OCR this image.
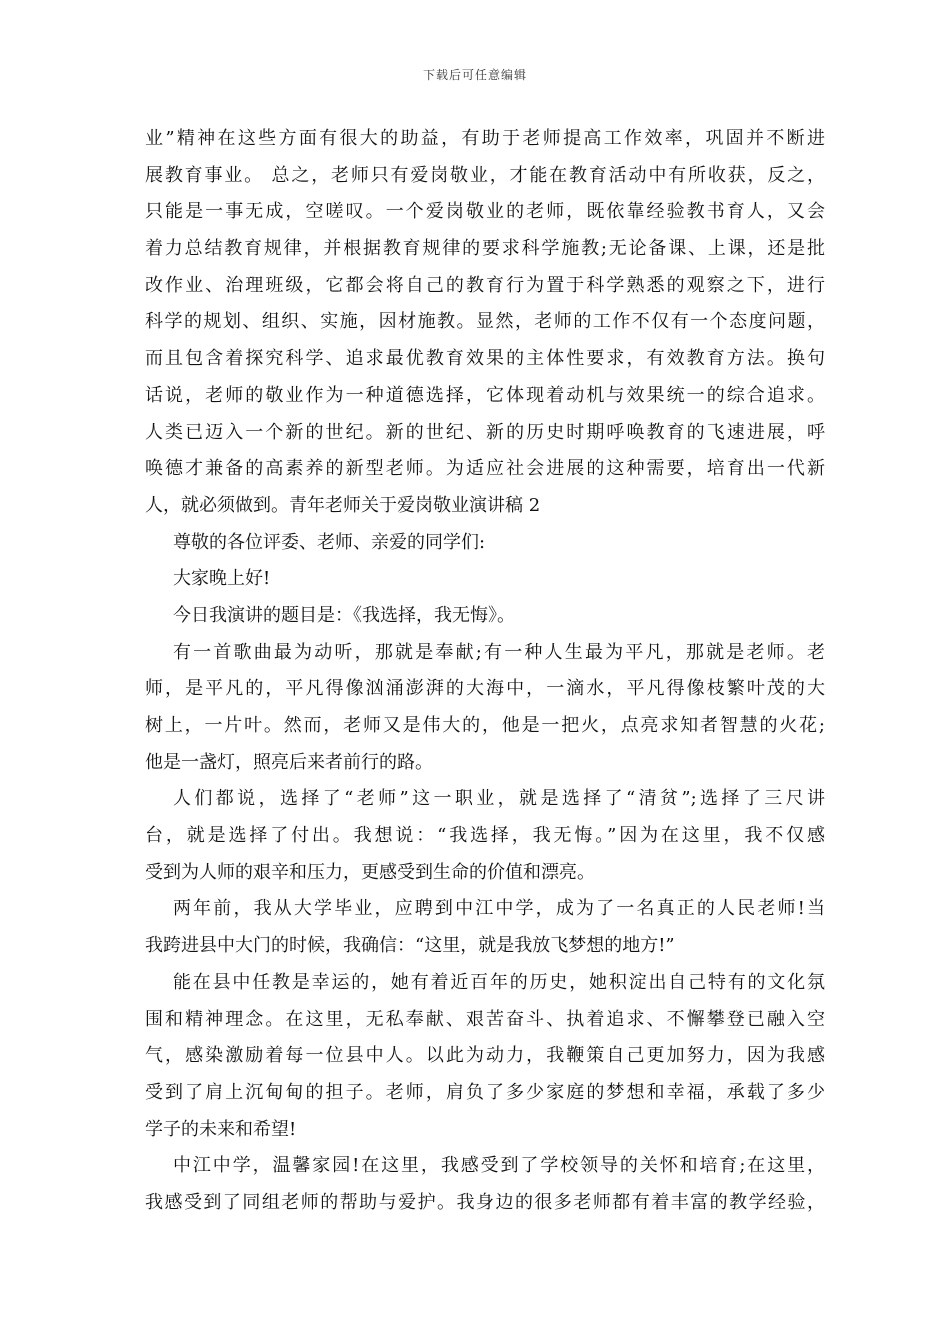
下载后可任意编辑
业”精神在这些方面有很大的助益，有助于老师提高工作效率，巩固并不断进
展教育事业。 总之，老师只有爱岗敬业，才能在教育活动中有所收获，反之，
只能是一事无成，空嗟叹。一个爱岗敬业的老师，既依靠经验教书育人，又会
着力总结教育规律，并根据教育规律的要求科学施教;无论备课、上课，还是批
改作业、治理班级，它都会将自己的教育行为置于科学熟悉的观察之下，进行
科学的规划、组织、实施，因材施教。显然，老师的工作不仅有一个态度问题，
而且包含着探究科学、追求最优教育效果的主体性要求，有效教育方法。换句
话说，老师的敬业作为一种道德选择，它体现着动机与效果统一的综合追求。
人类已迈入一个新的世纪。新的世纪、新的历史时期呼唤教育的飞速进展，呼
唤德才兼备的高素养的新型老师。为适应社会进展的这种需要，培育出一代新
人，就必须做到。青年老师关于爱岗敬业演讲稿 2
尊敬的各位评委、老师、亲爱的同学们:
大家晚上好!
今日我演讲的题目是：《我选择，我无悔》。
有一首歌曲最为动听，那就是奉献;有一种人生最为平凡，那就是老师。老
师，是平凡的，平凡得像汹涌澎湃的大海中，一滴水，平凡得像枝繁叶茂的大
树上，一片叶。然而，老师又是伟大的，他是一把火，点亮求知者智慧的火花;
他是一盏灯，照亮后来者前行的路。
人们都说，选择了“老师”这一职业，就是选择了“清贫”;选择了三尺讲
台，就是选择了付出。我想说：“我选择，我无悔。”因为在这里，我不仅感
受到为人师的艰辛和压力，更感受到生命的价值和漂亮。
两年前，我从大学毕业，应聘到中江中学，成为了一名真正的人民老师!当
我跨进县中大门的时候，我确信：“这里，就是我放飞梦想的地方!”
能在县中任教是幸运的，她有着近百年的历史，她积淀出自己特有的文化氛
围和精神理念。在这里，无私奉献、艰苦奋斗、执着追求、不懈攀登已融入空
气，感染激励着每一位县中人。以此为动力，我鞭策自己更加努力，因为我感
受到了肩上沉甸甸的担子。老师，肩负了多少家庭的梦想和幸福，承载了多少
学子的未来和希望!
中江中学，温馨家园!在这里，我感受到了学校领导的关怀和培育;在这里，
我感受到了同组老师的帮助与爱护。我身边的很多老师都有着丰富的教学经验，
